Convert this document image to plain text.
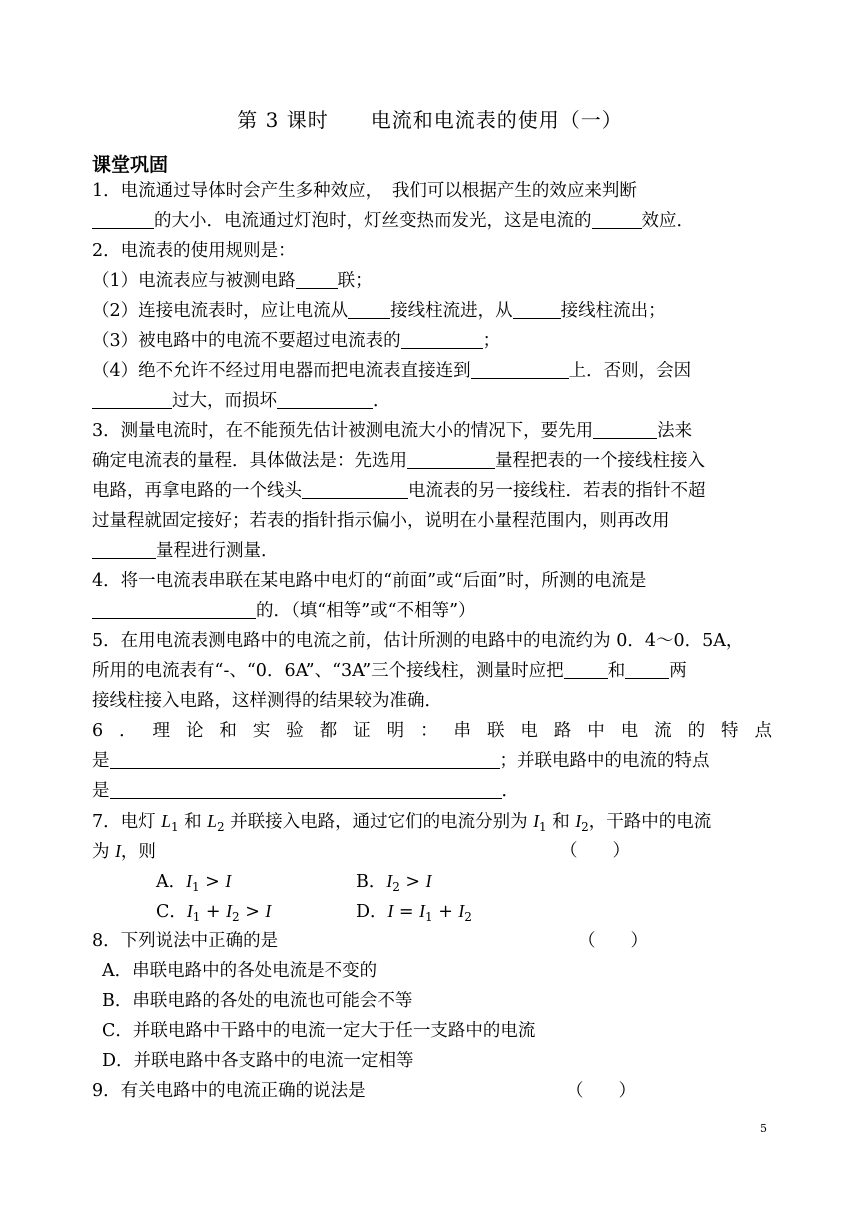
第 3 课时　　电流和电流表的使用（一）
课堂巩固
1．电流通过导体时会产生多种效应，　我们可以根据产生的效应来判断
的大小．电流通过灯泡时，灯丝变热而发光，这是电流的	效应．
2．电流表的使用规则是：
（1）电流表应与被测电路 联；
（2）连接电流表时，应让电流从 接线柱流进，从	接线柱流出；
（3）被电路中的电流不要超过电流表的	；
（4）绝不允许不经过用电器而把电流表直接连到	上．否则，会因
过大，而损坏	．
3．测量电流时，在不能预先估计被测电流大小的情况下，要先用	法来
确定电流表的量程．具体做法是：先选用	量程把表的一个接线柱接入
电路，再拿电路的一个线头	电流表的另一接线柱．若表的指针不超
过量程就固定接好；若表的指针指示偏小，说明在小量程范围内，则再改用
量程进行测量．
4．将一电流表串联在某电路中电灯的“前面”或“后面”时，所测的电流是
的．（填“相等”或“不相等”）
5．在用电流表测电路中的电流之前，估计所测的电路中的电流约为 0．4～0．5A，
所用的电流表有“-、“0．6A”、“3A”三个接线柱，测量时应把	和	两
接线柱接入电路，这样测得的结果较为准确．
6．理论和实验都证明：串联电路中电流的特点
是	；并联电路中的电流的特点
是	．
7．电灯 $L_1$ 和 $L_2$ 并联接入电路，通过它们的电流分别为 $I_1$ 和 $I_2$，干路中的电流
为 I，则	（　　）
A．$I_1 > I$	B．$I_2 > I$
C．$I_1 + I_2 > I$	D．$I = I_1 + I_2$
8．下列说法中正确的是	（　　）
A．串联电路中的各处电流是不变的
B．串联电路的各处的电流也可能会不等
C．并联电路中干路中的电流一定大于任一支路中的电流
D．并联电路中各支路中的电流一定相等
9．有关电路中的电流正确的说法是	（　　）
5
